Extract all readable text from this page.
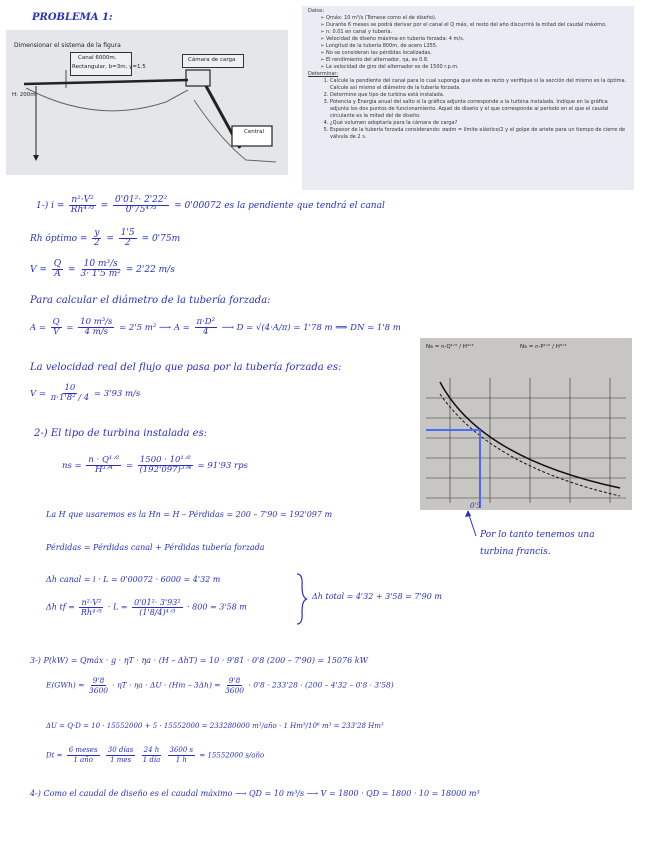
PROBLEMA 1:
Dimensionar el sistema de la figura
Canal 6000m.
Rectangular, b=3m, y=1.5
Cámara de carga
H: 200m
Central
Datos:
➢ Qmáx: 10 m³/s (Tómese como el de diseño).
➢ Durante 6 meses se podrá derivar por el canal el Q máx, el resto del año discurrirá la mitad del caudal máximo.
➢ n: 0.01 en canal y tubería.
➢ Velocidad de diseño máxima en tubería forzada: 4 m/s.
➢ Longitud de la tubería 800m, de acero L355.
➢ No se consideran las pérdidas localizadas.
➢ El rendimiento del alternador, ηa, es 0.8.
➢ La velocidad de giro del alternador es de 1500 r.p.m.
Determinar:
1. Calcule la pendiente del canal para lo cual suponga que este es recto y verifique si la sección del mismo es la óptima. Calcule así mismo el diámetro de la tubería forzada.
2. Determine que tipo de turbina está instalada.
3. Potencia y Energía anual del salto si la gráfica adjunta corresponde a la turbina instalada. Indique en la gráfica adjunta los dos puntos de funcionamiento. Aquel de diseño y el que corresponde al periodo en el que el caudal circulante es la mitad del de diseño.
4. ¿Qué volumen adoptaría para la cámara de carga?
5. Espesor de la tubería forzada considerando: σadm = límite elástico/2 y el golpe de ariete para un tiempo de cierre de válvula de 2 s.
1-) $i = \frac{\text{n²·V²}}{\text{Rh⁴ᐟ³}} = \frac{\text{0'01²· 2'22²}}{\text{0'75⁴ᐟ³}} = 0'00072$ es la pendiente que tendrá el canal
Rh óptimo = $\frac{y}{2} = \frac{1'5}{2} = 0'75m$
$V = \frac{Q}{A} = \frac{\text{10 m³/s}}{\text{3· 1'5 m²}} = 2'22$ m/s
Para calcular el diámetro de la tubería forzada:
$A = \frac{Q}{V} = \frac{\text{10 m³/s}}{4 m/s} = 2'5$ m² ⟶ $A = \frac{\text{π·D²}}{4}$ ⟶ D = √(4·A/π) = 1'78 m ⟹ DN = 1'8 m
La velocidad real del flujo que pasa por la tubería forzada es:
$V = \frac{10}{\text{π·1'8² / 4}} = 3'93$ m/s
Ns = n·Q¹ᐟ² / H³ᐟ⁴	Ns = n·P¹ᐟ² / H⁵ᐟ⁴
0'5
2-) El tipo de turbina instalada es:
ns = $\frac{\text{n · Q¹ᐟ²}}{\text{H³ᐟ⁴}} = \frac{\text{1500 · 10¹ᐟ²}}{\text{(192'097)³ᐟ⁴}} = 91'93$ rps
La H que usaremos es la Hn = H – Pérdidas = 200 – 7'90 = 192'097 m
Por lo tanto tenemos una
turbina francis.
Pérdidas = Pérdidas canal + Pérdidas tubería forzada
Δh canal = i · L = 0'00072 · 6000 = 4'32 m
Δh tf = $\frac{\text{n²·V²}}{\text{Rh⁴ᐟ³}} \cdot L = \frac{\text{0'01²· 3'93²}}{\text{(1'8/4)⁴ᐟ³}} \cdot 800 = 3'58$ m
Δh total = 4'32 + 3'58 = 7'90 m
3-) P(kW) = Qmáx · g · ηT · ηa · (H – ΔhT) = 10 · 9'81 · 0'8 (200 – 7'90) = 15076 kW
$E(GWh) = \frac{9'8}{3600} \cdot \eta T \cdot \eta a \cdot \Delta U \cdot (Hm - 3\Delta h) = \frac{9'8}{3600} \cdot 0'8 \cdot 233'28 \cdot (200 - 4'32 - 0'8 \cdot 3'58)$
ΔU = Q·D = 10 · 15552000 + 5 · 15552000 = 233280000 m³/año · 1 Hm³/10⁶ m³ = 233'28 Hm³
$Dt = \frac{\text{6 meses}}{\text{1 año}}$
$\frac{\text{30 días}}{\text{1 mes}}$
$\frac{24 h}{\text{1 día}}$
$\frac{3600 s}{1 h} = 15552000$ s/año
4-) Como el caudal de diseño es el caudal máximo ⟶ QD = 10 m³/s ⟶ V = 1800 · QD = 1800 · 10 = 18000 m³
